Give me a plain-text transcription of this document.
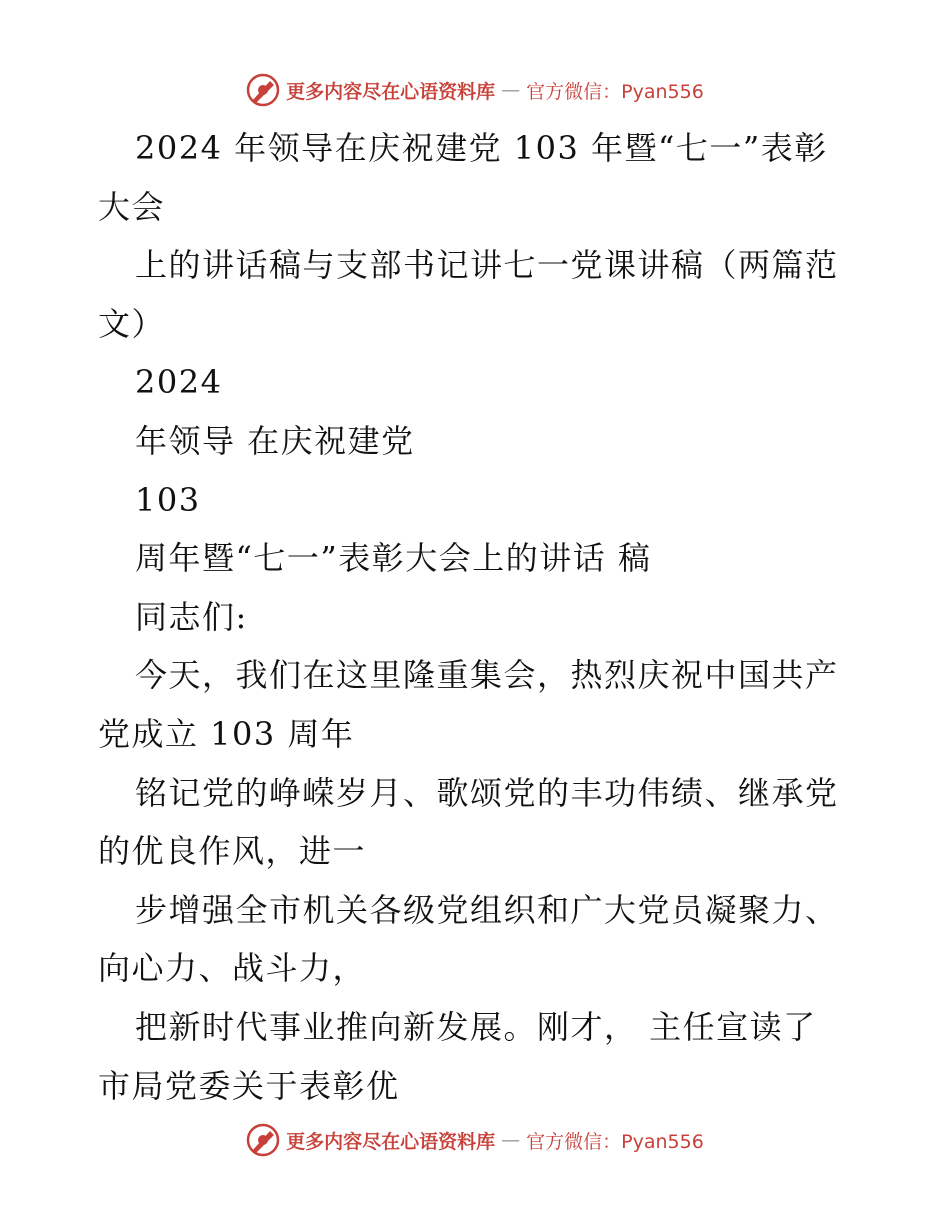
更多内容尽在心语资料库 — 官方微信：Pyan556
2024 年领导在庆祝建党 103 年暨“七一”表彰
大会
上的讲话稿与支部书记讲七一党课讲稿（两篇范
文）
2024
年领导 在庆祝建党
103
周年暨“七一”表彰大会上的讲话 稿
同志们:
今天，我们在这里隆重集会，热烈庆祝中国共产
党成立 103 周年
铭记党的峥嵘岁月、歌颂党的丰功伟绩、继承党
的优良作风，进一
步增强全市机关各级党组织和广大党员凝聚力、
向心力、战斗力，
把新时代事业推向新发展。刚才， 主任宣读了
市局党委关于表彰优
更多内容尽在心语资料库 — 官方微信：Pyan556
